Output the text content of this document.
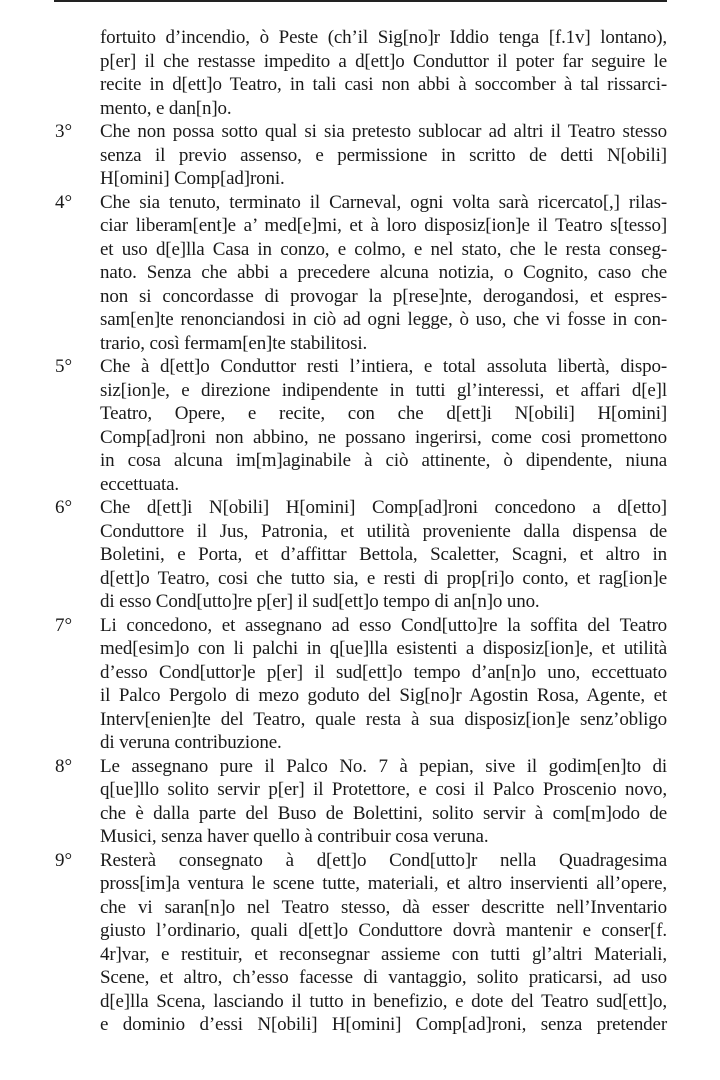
fortuito d’incendio, ò Peste (ch’il Sig[no]r Iddio tenga [f.1v] lontano),
p[er] il che restasse impedito a d[ett]o Conduttor il poter far seguire le
recite in d[ett]o Teatro, in tali casi non abbi à soccomber à tal rissarci-
mento, e dan[n]o.
3° Che non possa sotto qual si sia pretesto sublocar ad altri il Teatro stesso
senza il previo assenso, e permissione in scritto de detti N[obili]
H[omini] Comp[ad]roni.
4° Che sia tenuto, terminato il Carneval, ogni volta sarà ricercato[,] rilas-
ciar liberam[ent]e a’ med[e]mi, et à loro disposiz[ion]e il Teatro s[tesso]
et uso d[e]lla Casa in conzo, e colmo, e nel stato, che le resta conseg-
nato. Senza che abbi a precedere alcuna notizia, o Cognito, caso che
non si concordasse di provogar la p[rese]nte, derogandosi, et espres-
sam[en]te renonciandosi in ciò ad ogni legge, ò uso, che vi fosse in con-
trario, così fermam[en]te stabilitosi.
5° Che à d[ett]o Conduttor resti l’intiera, e total assoluta libertà, dispo-
siz[ion]e, e direzione indipendente in tutti gl’interessi, et affari d[e]l
Teatro, Opere, e recite, con che d[ett]i N[obili] H[omini]
Comp[ad]roni non abbino, ne possano ingerirsi, come cosi promettono
in cosa alcuna im[m]aginabile à ciò attinente, ò dipendente, niuna
eccettuata.
6° Che d[ett]i N[obili] H[omini] Comp[ad]roni concedono a d[etto]
Conduttore il Jus, Patronia, et utilità proveniente dalla dispensa de
Boletini, e Porta, et d’affittar Bettola, Scaletter, Scagni, et altro in
d[ett]o Teatro, cosi che tutto sia, e resti di prop[ri]o conto, et rag[ion]e
di esso Cond[utto]re p[er] il sud[ett]o tempo di an[n]o uno.
7° Li concedono, et assegnano ad esso Cond[utto]re la soffita del Teatro
med[esim]o con li palchi in q[ue]lla esistenti a disposiz[ion]e, et utilità
d’esso Cond[uttor]e p[er] il sud[ett]o tempo d’an[n]o uno, eccettuato
il Palco Pergolo di mezo goduto del Sig[no]r Agostin Rosa, Agente, et
Interv[enien]te del Teatro, quale resta à sua disposiz[ion]e senz’obligo
di veruna contribuzione.
8° Le assegnano pure il Palco No. 7 à pepian, sive il godim[en]to di
q[ue]llo solito servir p[er] il Protettore, e cosi il Palco Proscenio novo,
che è dalla parte del Buso de Bolettini, solito servir à com[m]odo de
Musici, senza haver quello à contribuir cosa veruna.
9° Resterà consegnato à d[ett]o Cond[utto]r nella Quadragesima
pross[im]a ventura le scene tutte, materiali, et altro inservienti all’opere,
che vi saran[n]o nel Teatro stesso, dà esser descritte nell’Inventario
giusto l’ordinario, quali d[ett]o Conduttore dovrà mantenir e conser[f.
4r]var, e restituir, et reconsegnar assieme con tutti gl’altri Materiali,
Scene, et altro, ch’esso facesse di vantaggio, solito praticarsi, ad uso
d[e]lla Scena, lasciando il tutto in benefizio, e dote del Teatro sud[ett]o,
e dominio d’essi N[obili] H[omini] Comp[ad]roni, senza pretender
